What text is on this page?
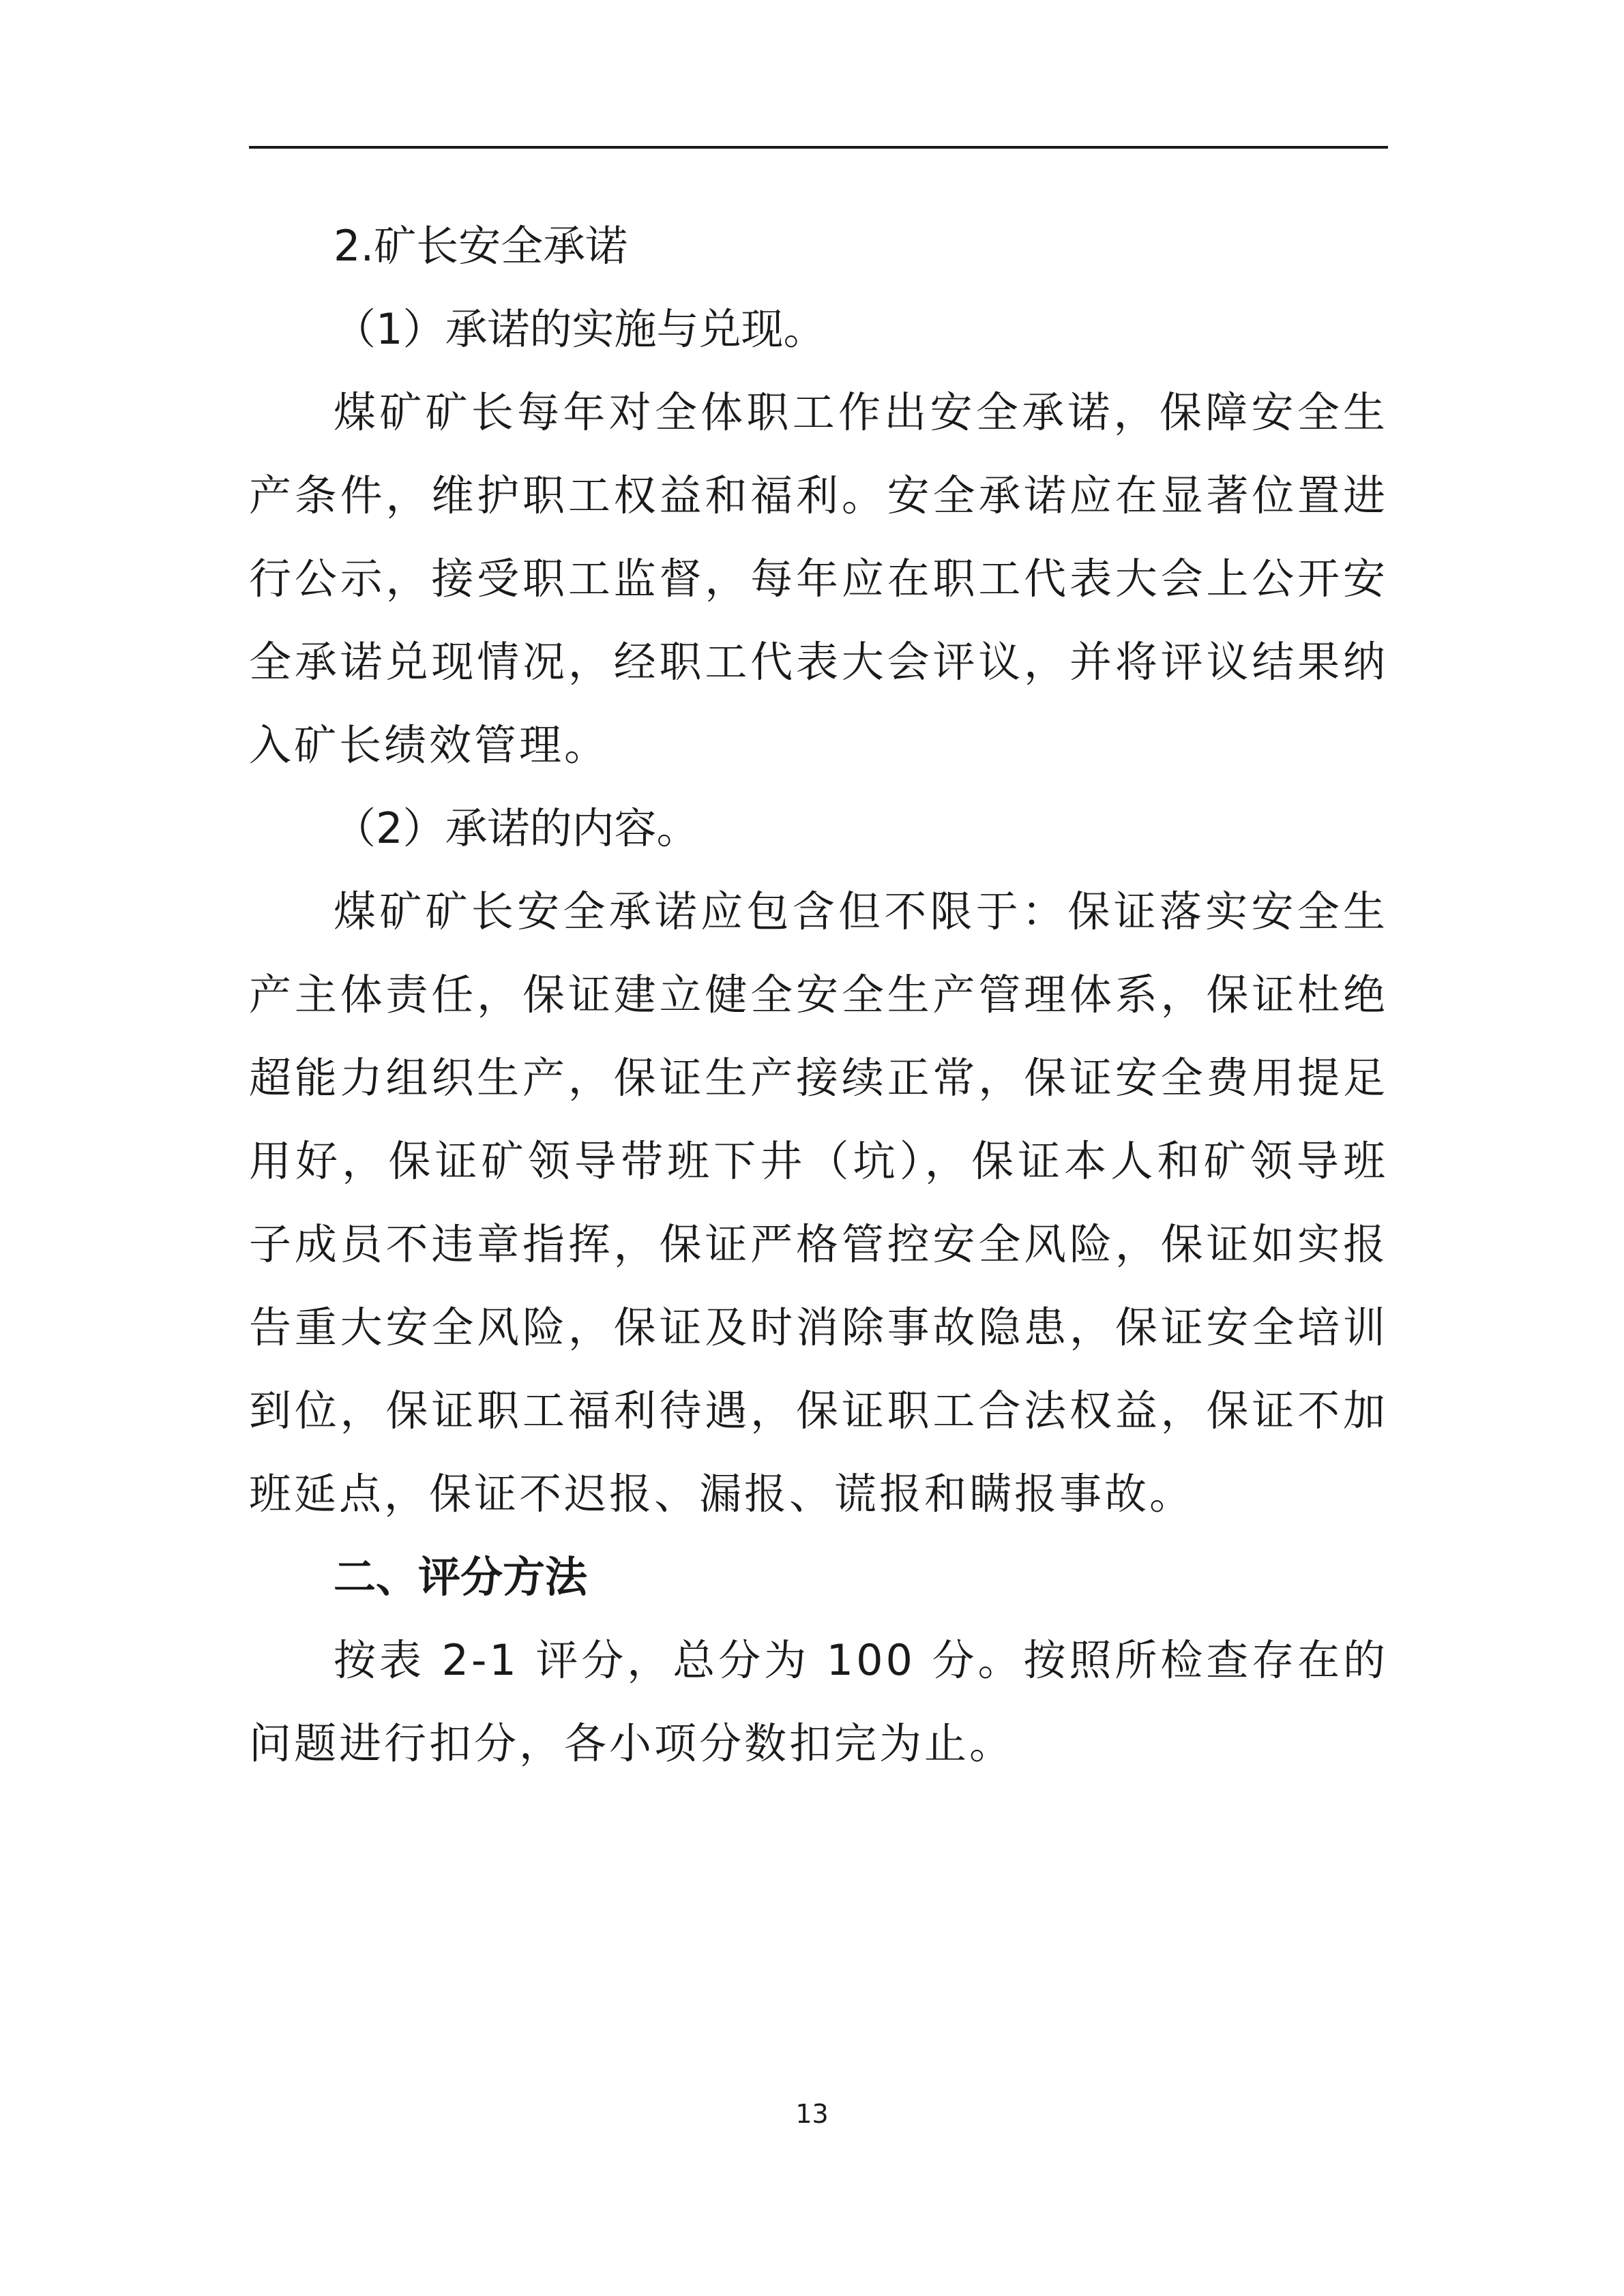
2.矿长安全承诺
（1）承诺的实施与兑现。

煤矿矿长每年对全体职工作出安全承诺，保障安全生产条件，维护职工权益和福利。安全承诺应在显著位置进行公示，接受职工监督，每年应在职工代表大会上公开安全承诺兑现情况，经职工代表大会评议，并将评议结果纳入矿长绩效管理。

（2）承诺的内容。

煤矿矿长安全承诺应包含但不限于：保证落实安全生产主体责任，保证建立健全安全生产管理体系，保证杜绝超能力组织生产，保证生产接续正常，保证安全费用提足用好，保证矿领导带班下井（坑），保证本人和矿领导班子成员不违章指挥，保证严格管控安全风险，保证如实报告重大安全风险，保证及时消除事故隐患，保证安全培训到位，保证职工福利待遇，保证职工合法权益，保证不加班延点，保证不迟报、漏报、谎报和瞒报事故。

二、评分方法

按表 2-1 评分，总分为 100 分。按照所检查存在的问题进行扣分，各小项分数扣完为止。

13
